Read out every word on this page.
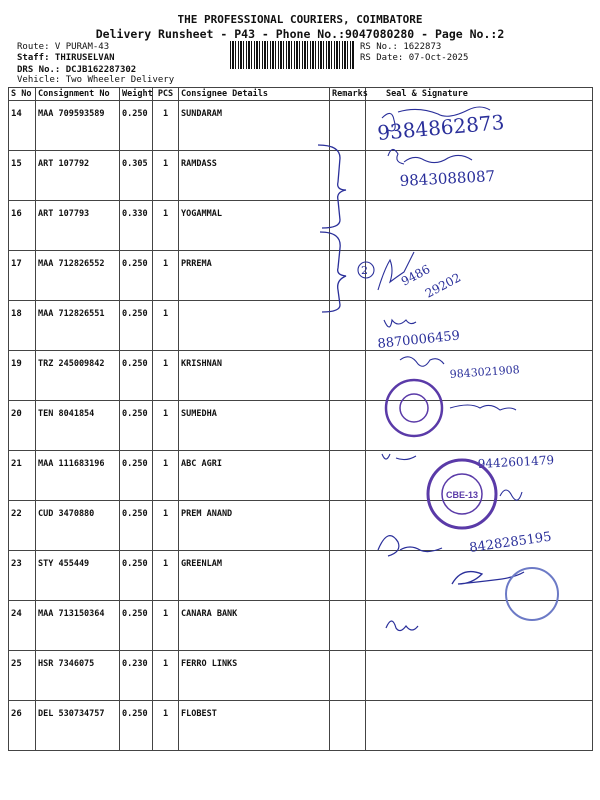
THE PROFESSIONAL COURIERS, COIMBATORE
Delivery Runsheet - P43 - Phone No.:9047080280 - Page No.:2
Route: V PURAM-43
Staff: THIRUSELVAN
DRS No.: DCJB162287302
Vehicle: Two Wheeler Delivery
RS No.: 1622873
RS Date: 07-Oct-2025
S No	Consignment No	Weight	PCS	Consignee Details	Remarks	Seal & Signature
14	MAA 709593589	0.250	1	SUNDARAM		
15	ART 107792	0.305	1	RAMDASS		
16	ART 107793	0.330	1	YOGAMMAL		
17	MAA 712826552	0.250	1	PRREMA		
18	MAA 712826551	0.250	1			
19	TRZ 245009842	0.250	1	KRISHNAN		
20	TEN 8041854	0.250	1	SUMEDHA		
21	MAA 111683196	0.250	1	ABC AGRI		
22	CUD 3470880	0.250	1	PREM ANAND		
23	STY 455449	0.250	1	GREENLAM		
24	MAA 713150364	0.250	1	CANARA BANK		
25	HSR 7346075	0.230	1	FERRO LINKS		
26	DEL 530734757	0.250	1	FLOBEST		
9384862873
9843088087
2	9486
29202
8870006459
9843021908
9442601479
CBE-13
8428285195
